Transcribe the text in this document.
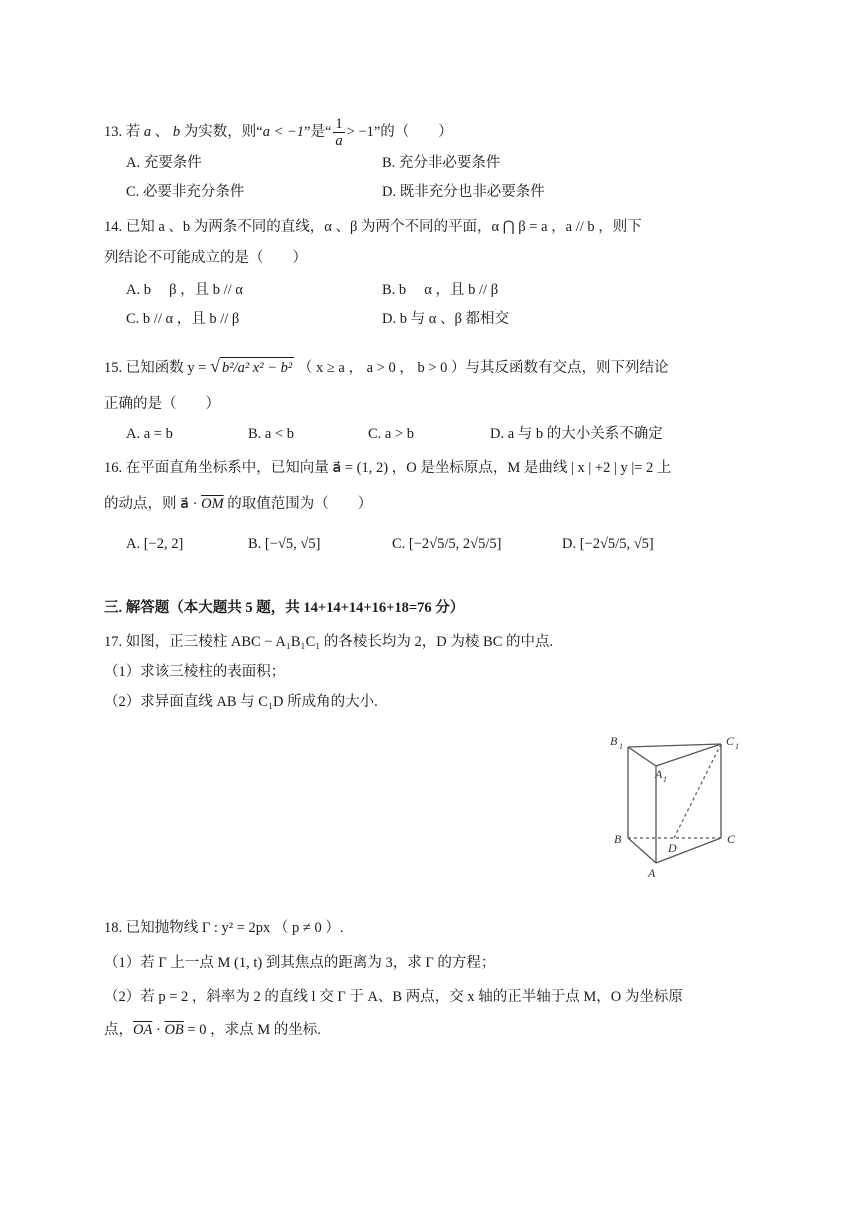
13. 若 a 、 b 为实数，则“a < −1”是“ $\frac{1}{a} > -1$”的（　　）
A. 充要条件	B. 充分非必要条件
C. 必要非充分条件	D. 既非充分也非必要条件
14. 已知 a 、b 为两条不同的直线，α 、β 为两个不同的平面，α ⋂ β = a ，a // b ，则下
列结论不可能成立的是（　　）
A. b　 β ，且 b // α	B. b　 α ，且 b // β
C. b // α ，且 b // β	D. b 与 α 、β 都相交
15. 已知函数 y = √ b²/a² x² − b² （ x ≥ a ， a > 0 ， b > 0 ）与其反函数有交点，则下列结论
正确的是（　　）
A. a = b	B. a < b	C. a > b	D. a 与 b 的大小关系不确定
16. 在平面直角坐标系中，已知向量 a⃗ = (1, 2) ，O 是坐标原点，M 是曲线 | x | +2 | y |= 2 上
的动点，则 a⃗ · $\overline{OM}$ 的取值范围为（　　）
A. [−2, 2]	B. [−√5, √5]	C. [−2√5/5, 2√5/5]	D. [−2√5/5, √5]
三. 解答题（本大题共 5 题，共 14+14+14+16+18=76 分）
17. 如图，正三棱柱 ABC − A₁B₁C₁ 的各棱长均为 2，D 为棱 BC 的中点.
（1）求该三棱柱的表面积；
（2）求异面直线 AB 与 C₁D 所成角的大小.
B 1	C 1
A 1
B	C
D
A
18. 已知抛物线 Γ : y² = 2px （ p ≠ 0 ）.
（1）若 Γ 上一点 M (1, t) 到其焦点的距离为 3，求 Γ 的方程；
（2）若 p = 2 ，斜率为 2 的直线 l 交 Γ 于 A、B 两点，交 x 轴的正半轴于点 M，O 为坐标原
点，$\overline{OA} \cdot \overline{OB} = 0$ ，求点 M 的坐标.
